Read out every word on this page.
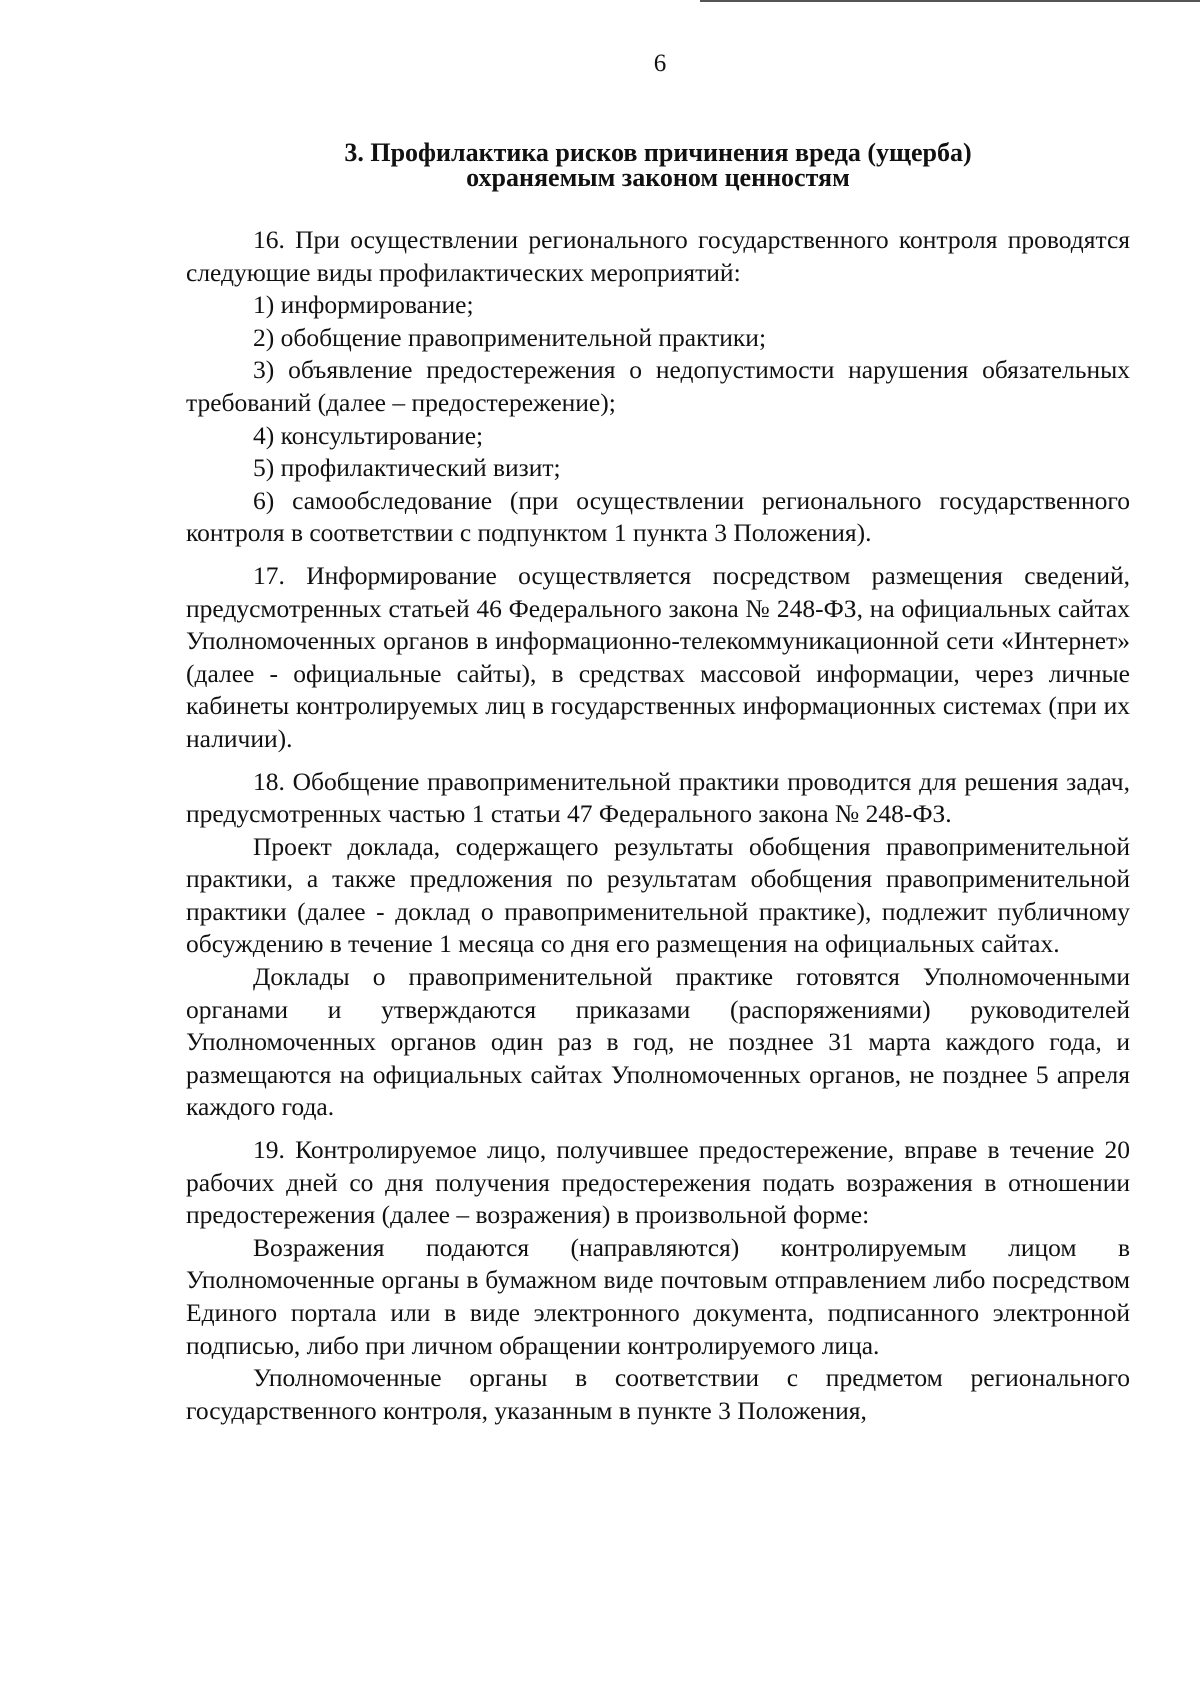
6
3. Профилактика рисков причинения вреда (ущерба)
охраняемым законом ценностям

16. При осуществлении регионального государственного контроля проводятся следующие виды профилактических мероприятий:

1) информирование;

2) обобщение правоприменительной практики;

3) объявление предостережения о недопустимости нарушения обязательных требований (далее – предостережение);

4) консультирование;

5) профилактический визит;

6) самообследование (при осуществлении регионального государственного контроля в соответствии с подпунктом 1 пункта 3 Положения).

17. Информирование осуществляется посредством размещения сведений, предусмотренных статьей 46 Федерального закона № 248-ФЗ, на официальных сайтах Уполномоченных органов в информационно-телекоммуникационной сети «Интернет» (далее - официальные сайты), в средствах массовой информации, через личные кабинеты контролируемых лиц в государственных информационных системах (при их наличии).

18. Обобщение правоприменительной практики проводится для решения задач, предусмотренных частью 1 статьи 47 Федерального закона № 248-ФЗ.

Проект доклада, содержащего результаты обобщения правоприменительной практики, а также предложения по результатам обобщения правоприменительной практики (далее - доклад о правоприменительной практике), подлежит публичному обсуждению в течение 1 месяца со дня его размещения на официальных сайтах.

Доклады о правоприменительной практике готовятся Уполномоченными органами и утверждаются приказами (распоряжениями) руководителей Уполномоченных органов один раз в год, не позднее 31 марта каждого года, и размещаются на официальных сайтах Уполномоченных органов, не позднее 5 апреля каждого года.

19. Контролируемое лицо, получившее предостережение, вправе в течение 20 рабочих дней со дня получения предостережения подать возражения в отношении предостережения (далее – возражения) в произвольной форме:

Возражения подаются (направляются) контролируемым лицом в Уполномоченные органы в бумажном виде почтовым отправлением либо посредством Единого портала или в виде электронного документа, подписанного электронной подписью, либо при личном обращении контролируемого лица.

Уполномоченные органы в соответствии с предметом регионального государственного контроля, указанным в пункте 3 Положения,
